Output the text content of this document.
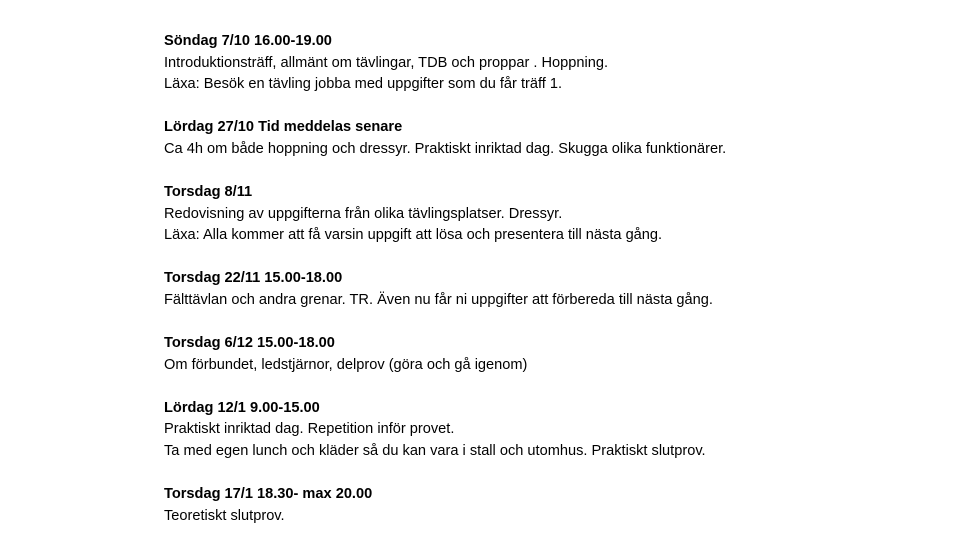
Söndag 7/10 16.00-19.00
Introduktionsträff, allmänt om tävlingar, TDB och proppar . Hoppning.
Läxa: Besök en tävling jobba med uppgifter som du får träff 1.
Lördag 27/10 Tid meddelas senare
Ca 4h om både hoppning och dressyr. Praktiskt inriktad dag. Skugga olika funktionärer.
Torsdag 8/11
Redovisning av uppgifterna från olika tävlingsplatser. Dressyr.
Läxa: Alla kommer att få varsin uppgift att lösa och presentera till nästa gång.
Torsdag 22/11 15.00-18.00
Fälttävlan och andra grenar. TR. Även nu får ni uppgifter att förbereda till nästa gång.
Torsdag 6/12 15.00-18.00
Om förbundet, ledstjärnor, delprov (göra och gå igenom)
Lördag 12/1 9.00-15.00
Praktiskt inriktad dag. Repetition inför provet.
Ta med egen lunch och kläder så du kan vara i stall och utomhus. Praktiskt slutprov.
Torsdag 17/1 18.30- max 20.00
Teoretiskt slutprov.
